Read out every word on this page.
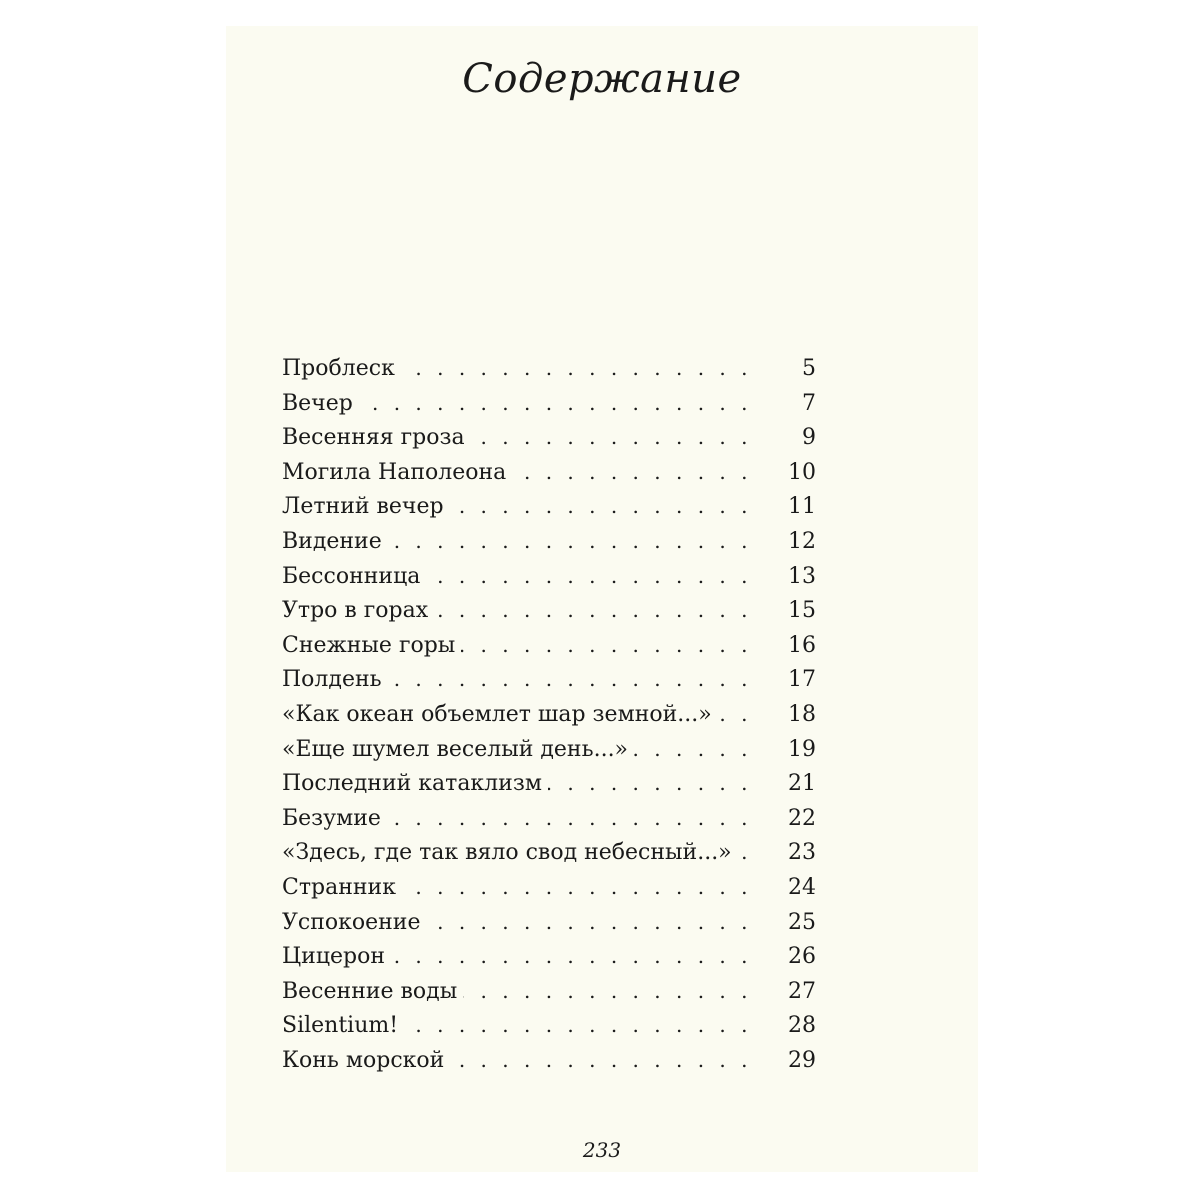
Содержание
Проблеск . . .	5
Вечер . . .	7
Весенняя гроза . . .	9
Могила Наполеона . . .	10
Летний вечер . . .	11
Видение . . .	12
Бессонница . . .	13
Утро в горах . . .	15
Снежные горы . . .	16
Полдень . . .	17
«Как океан объемлет шар земной...» . . .	18
«Еще шумел веселый день...» . . .	19
Последний катаклизм . . .	21
Безумие . . .	22
«Здесь, где так вяло свод небесный...» . . .	23
Странник . . .	24
Успокоение . . .	25
Цицерон . . .	26
Весенние воды . . .	27
Silentium! . . .	28
Конь морской . . .	29
233
